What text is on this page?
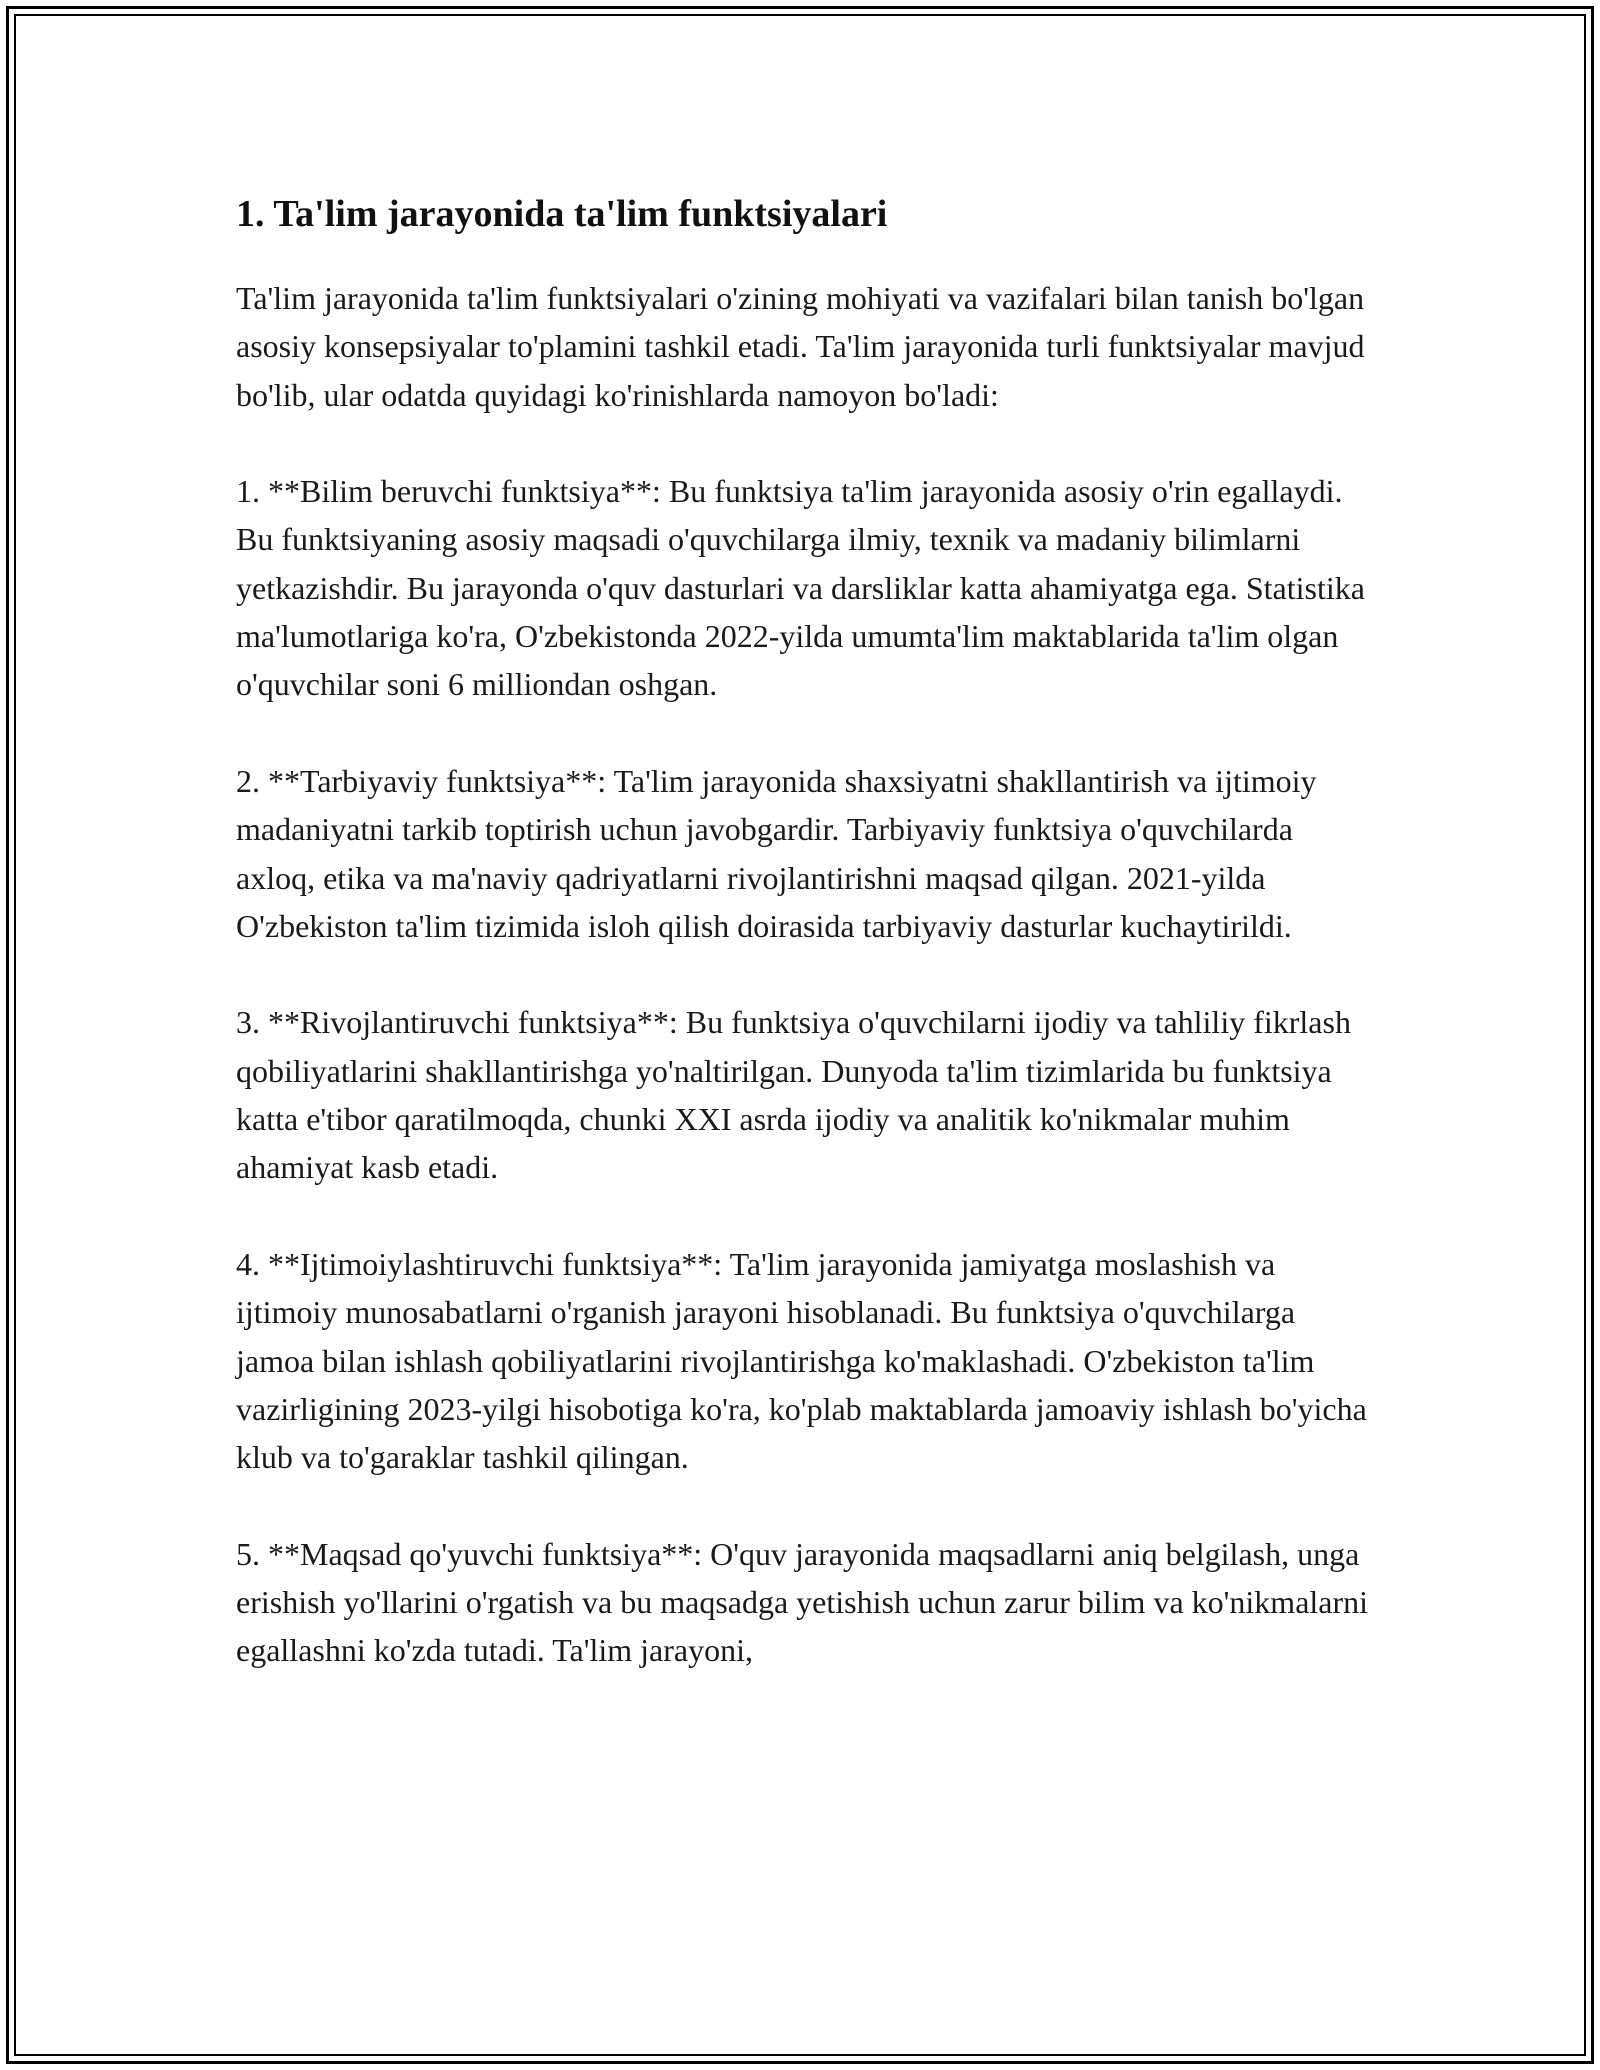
1. Ta'lim jarayonida ta'lim funktsiyalari

Ta'lim jarayonida ta'lim funktsiyalari o'zining mohiyati va vazifalari bilan tanish bo'lgan asosiy konsepsiyalar to'plamini tashkil etadi. Ta'lim jarayonida turli funktsiyalar mavjud bo'lib, ular odatda quyidagi ko'rinishlarda namoyon bo'ladi:

1. **Bilim beruvchi funktsiya**: Bu funktsiya ta'lim jarayonida asosiy o'rin egallaydi. Bu funktsiyaning asosiy maqsadi o'quvchilarga ilmiy, texnik va madaniy bilimlarni yetkazishdir. Bu jarayonda o'quv dasturlari va darsliklar katta ahamiyatga ega. Statistika ma'lumotlariga ko'ra, O'zbekistonda 2022-yilda umumta'lim maktablarida ta'lim olgan o'quvchilar soni 6 milliondan oshgan.

2. **Tarbiyaviy funktsiya**: Ta'lim jarayonida shaxsiyatni shakllantirish va ijtimoiy madaniyatni tarkib toptirish uchun javobgardir. Tarbiyaviy funktsiya o'quvchilarda axloq, etika va ma'naviy qadriyatlarni rivojlantirishni maqsad qilgan. 2021-yilda O'zbekiston ta'lim tizimida isloh qilish doirasida tarbiyaviy dasturlar kuchaytirildi.

3. **Rivojlantiruvchi funktsiya**: Bu funktsiya o'quvchilarni ijodiy va tahliliy fikrlash qobiliyatlarini shakllantirishga yo'naltirilgan. Dunyoda ta'lim tizimlarida bu funktsiya katta e'tibor qaratilmoqda, chunki XXI asrda ijodiy va analitik ko'nikmalar muhim ahamiyat kasb etadi.

4. **Ijtimoiylashtiruvchi funktsiya**: Ta'lim jarayonida jamiyatga moslashish va ijtimoiy munosabatlarni o'rganish jarayoni hisoblanadi. Bu funktsiya o'quvchilarga jamoa bilan ishlash qobiliyatlarini rivojlantirishga ko'maklashadi. O'zbekiston ta'lim vazirligining 2023-yilgi hisobotiga ko'ra, ko'plab maktablarda jamoaviy ishlash bo'yicha klub va to'garaklar tashkil qilingan.

5. **Maqsad qo'yuvchi funktsiya**: O'quv jarayonida maqsadlarni aniq belgilash, unga erishish yo'llarini o'rgatish va bu maqsadga yetishish uchun zarur bilim va ko'nikmalarni egallashni ko'zda tutadi. Ta'lim jarayoni,
